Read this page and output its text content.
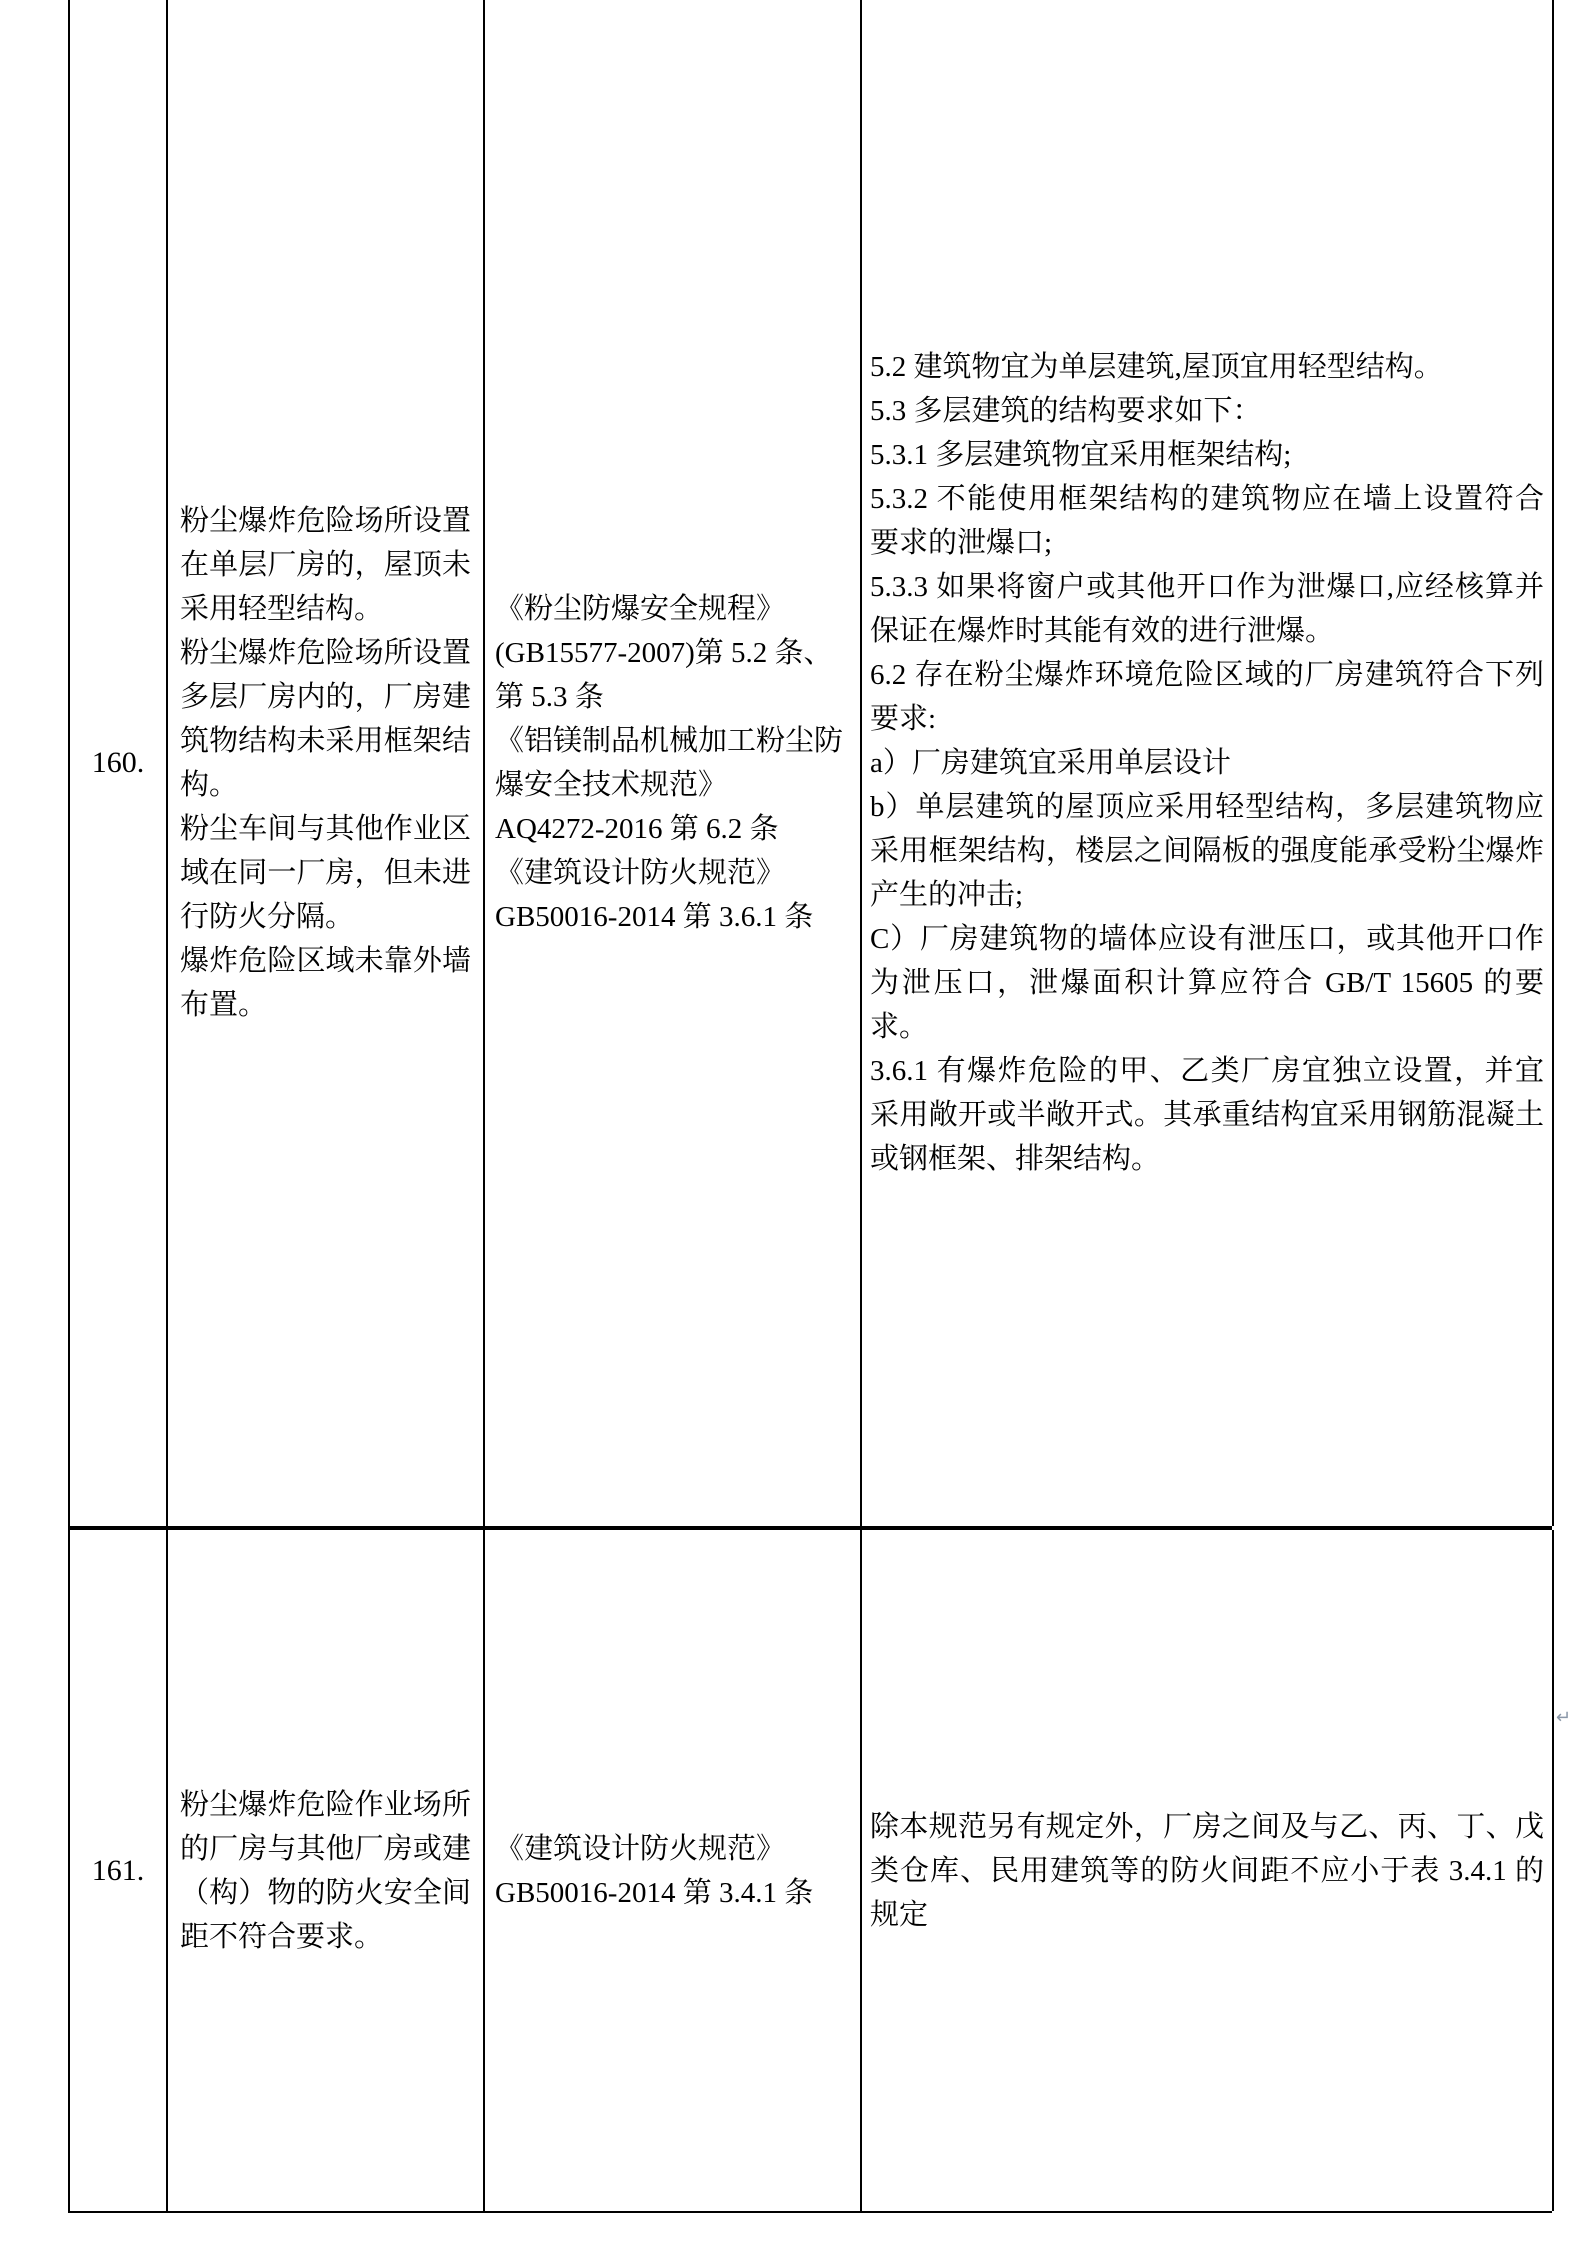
160.
粉尘爆炸危险场所设置在单层厂房的，屋顶未采用轻型结构。
粉尘爆炸危险场所设置多层厂房内的，厂房建筑物结构未采用框架结构。
粉尘车间与其他作业区域在同一厂房，但未进行防火分隔。
爆炸危险区域未靠外墙布置。
《粉尘防爆安全规程》
(GB15577-2007)第 5.2 条、
第 5.3 条
《铝镁制品机械加工粉尘防
爆安全技术规范》
AQ4272-2016 第 6.2 条
《建筑设计防火规范》
GB50016-2014 第 3.6.1 条
5.2 建筑物宜为单层建筑,屋顶宜用轻型结构。
5.3 多层建筑的结构要求如下：
5.3.1 多层建筑物宜采用框架结构;
5.3.2 不能使用框架结构的建筑物应在墙上设置符合要求的泄爆口;
5.3.3 如果将窗户或其他开口作为泄爆口,应经核算并保证在爆炸时其能有效的进行泄爆。
6.2 存在粉尘爆炸环境危险区域的厂房建筑符合下列要求:
a）厂房建筑宜采用单层设计
b）单层建筑的屋顶应采用轻型结构，多层建筑物应采用框架结构，楼层之间隔板的强度能承受粉尘爆炸产生的冲击;
C）厂房建筑物的墙体应设有泄压口，或其他开口作为泄压口，泄爆面积计算应符合 GB/T 15605 的要求。
3.6.1 有爆炸危险的甲、乙类厂房宜独立设置，并宜采用敞开或半敞开式。其承重结构宜采用钢筋混凝土或钢框架、排架结构。
161.
粉尘爆炸危险作业场所的厂房与其他厂房或建（构）物的防火安全间距不符合要求。
《建筑设计防火规范》
GB50016-2014 第 3.4.1 条
除本规范另有规定外，厂房之间及与乙、丙、丁、戊类仓库、民用建筑等的防火间距不应小于表 3.4.1 的规定
↵
